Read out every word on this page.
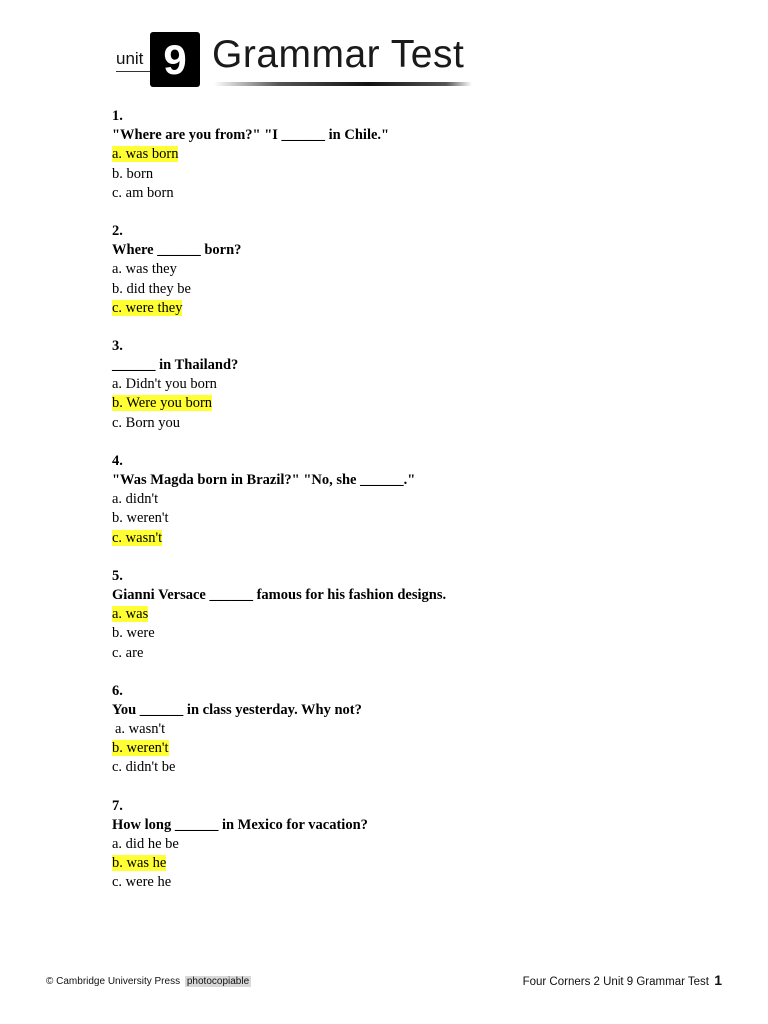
unit 9 Grammar Test
1.
"Where are you from?" "I ______ in Chile."
a. was born
b. born
c. am born
2.
Where ______ born?
a. was they
b. did they be
c. were they
3.
______ in Thailand?
a. Didn't you born
b. Were you born
c. Born you
4.
"Was Magda born in Brazil?" "No, she ______."
a. didn't
b. weren't
c. wasn't
5.
Gianni Versace ______ famous for his fashion designs.
a. was
b. were
c. are
6.
You ______ in class yesterday. Why not?
a. wasn't
b. weren't
c. didn't be
7.
How long ______ in Mexico for vacation?
a. did he be
b. was he
c. were he
© Cambridge University Press photocopiable	Four Corners 2 Unit 9 Grammar Test 1
